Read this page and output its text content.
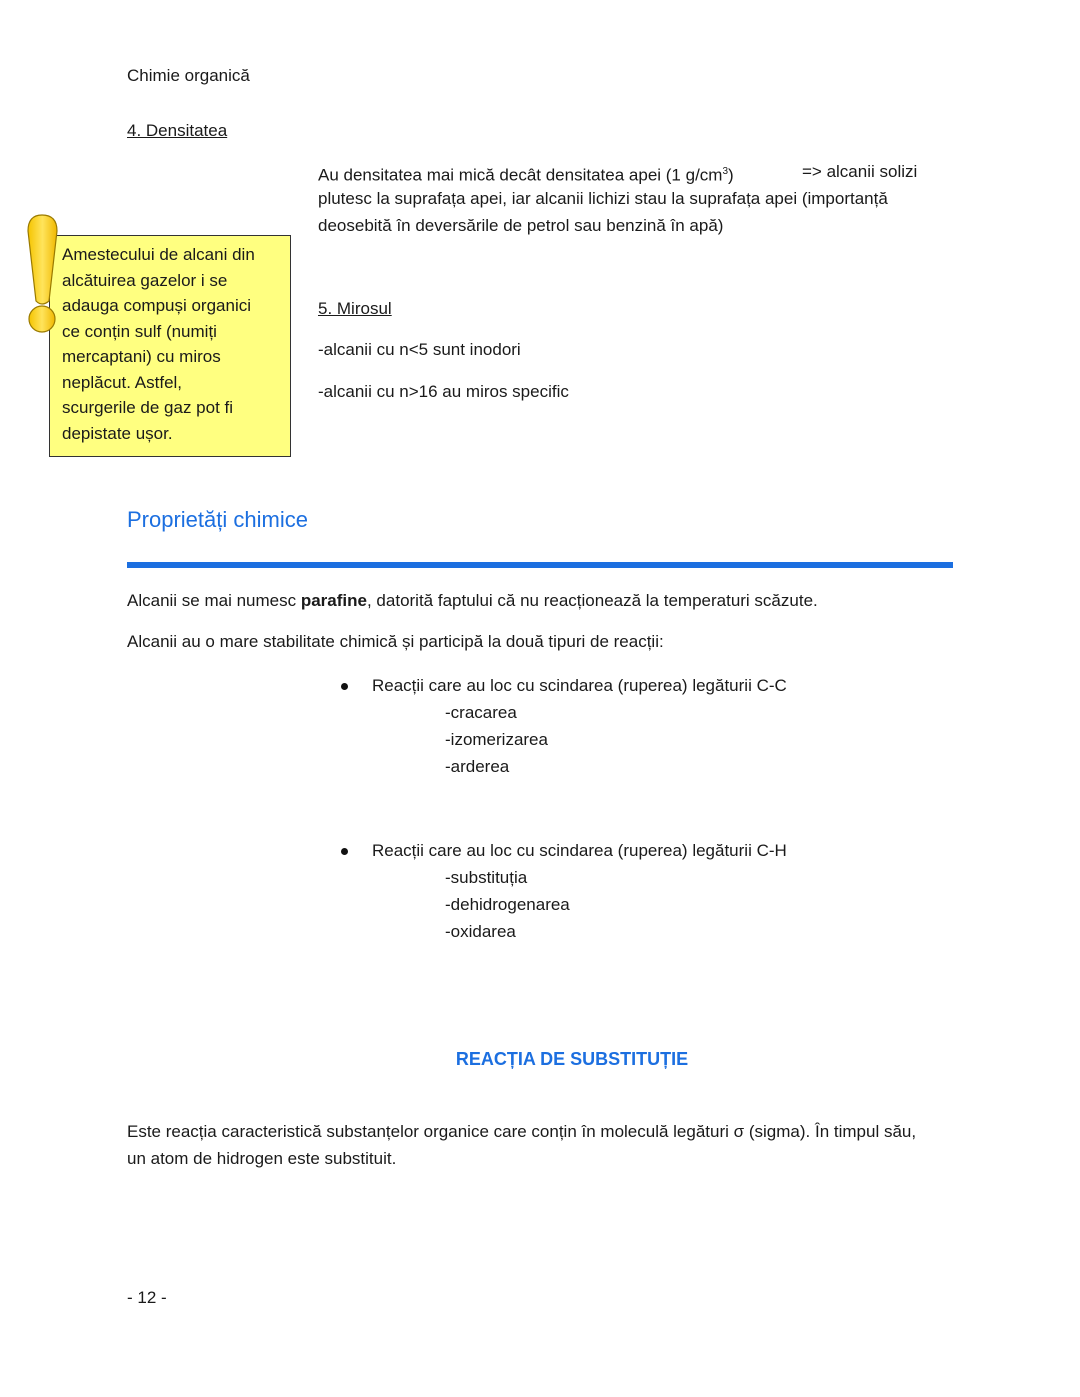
Chimie organică
4. Densitatea
Au densitatea mai mică decât densitatea apei (1 $g/cm^3$)	=> alcanii solizi
plutesc la suprafața apei, iar alcanii lichizi stau la suprafața apei (importanță
deosebită în deversările de petrol sau benzină în apă)
Amestecului de alcani din
alcătuirea gazelor i se
adauga compuși organici
ce conțin sulf (numiți
mercaptani) cu miros
neplăcut. Astfel,
scurgerile de gaz pot fi
depistate ușor.
5. Mirosul
-alcanii cu n<5 sunt inodori
-alcanii cu n>16 au miros specific
Proprietăți chimice
Alcanii se mai numesc parafine, datorită faptului că nu reacționează la temperaturi scăzute.
Alcanii au o mare stabilitate chimică și participă la două tipuri de reacții:
Reacții care au loc cu scindarea (ruperea) legăturii C-C
-cracarea
-izomerizarea
-arderea
Reacții care au loc cu scindarea (ruperea) legăturii C-H
-substituția
-dehidrogenarea
-oxidarea
REACȚIA DE SUBSTITUȚIE
Este reacția caracteristică substanțelor organice care conțin în moleculă legături σ (sigma). În timpul său,
un atom de hidrogen este substituit.
- 12 -
